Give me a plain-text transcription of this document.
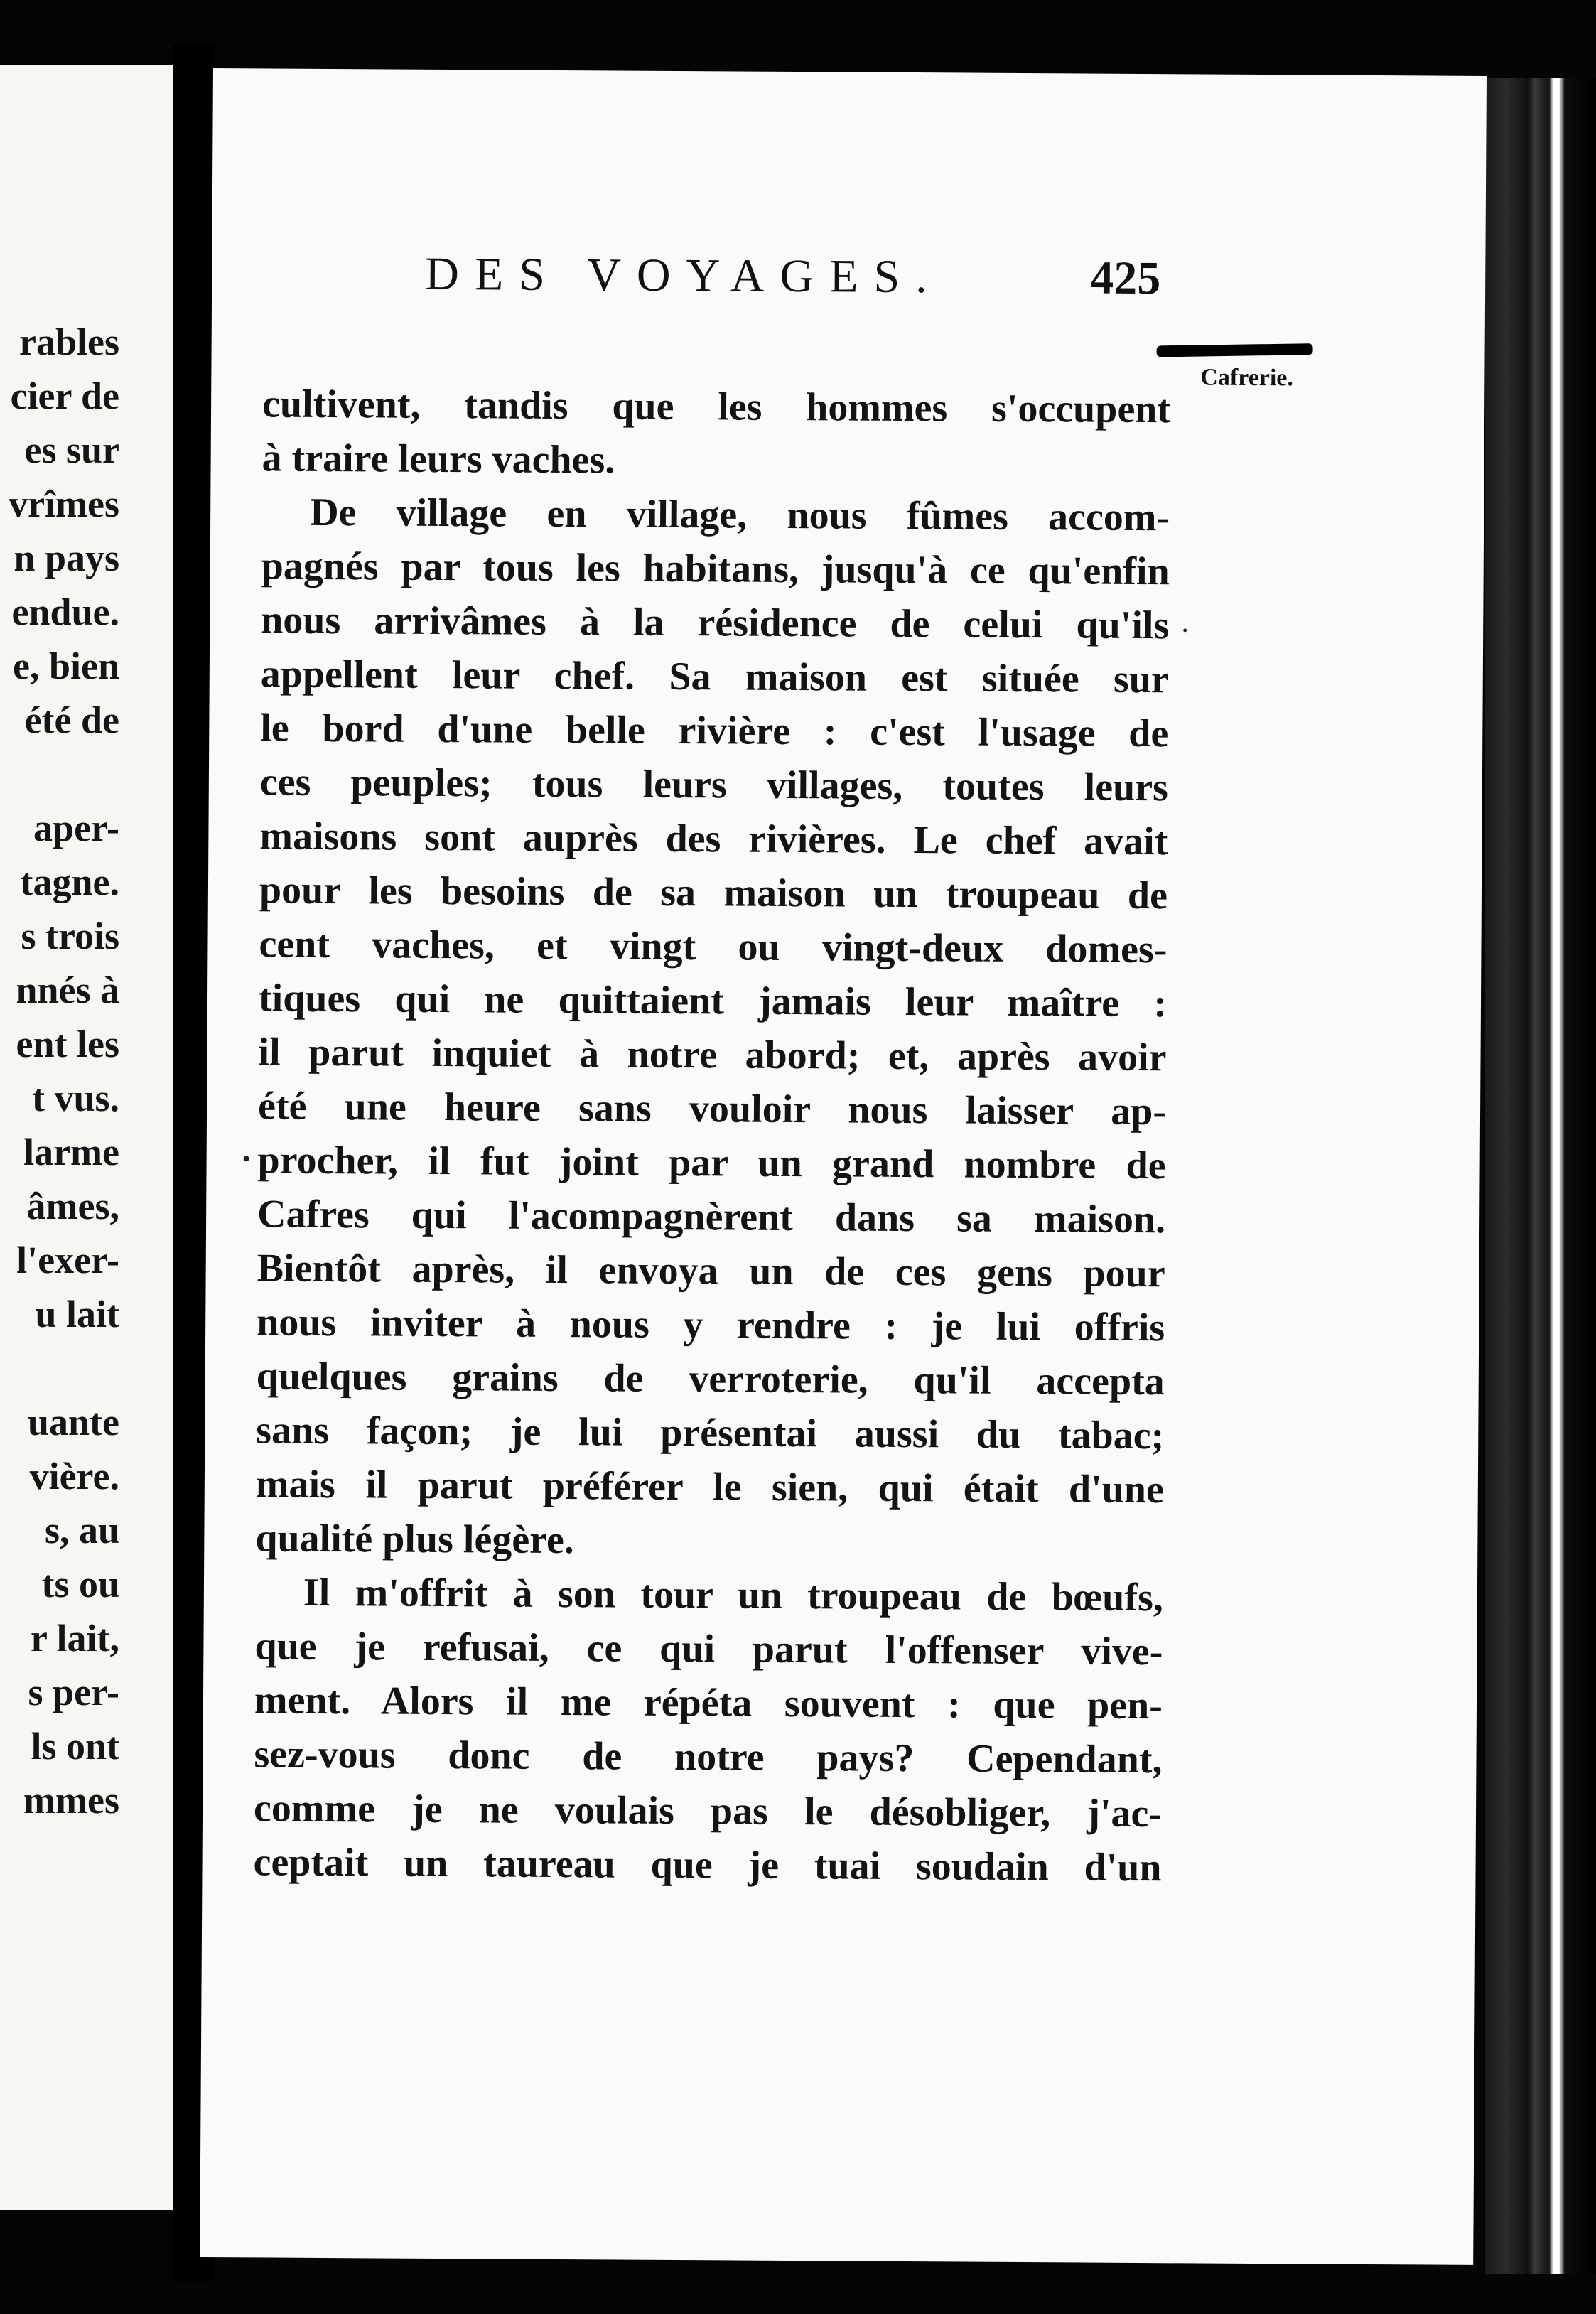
rables
cier de
es sur
vrîmes
n pays
endue.
e, bien
été de
aper-
tagne.
s trois
nnés à
ent les
t vus.
larme
âmes,
l'exer-
u lait
uante
vière.
s, au
ts ou
r lait,
s per-
ls ont
mmes
DES VOYAGES.	425
Cafrerie.
cultivent, tandis que les hommes s'occupent
à traire leurs vaches.
De village en village, nous fûmes accom-
pagnés par tous les habitans, jusqu'à ce qu'enfin
nous arrivâmes à la résidence de celui qu'ils
appellent leur chef. Sa maison est située sur
le bord d'une belle rivière : c'est l'usage de
ces peuples; tous leurs villages, toutes leurs
maisons sont auprès des rivières. Le chef avait
pour les besoins de sa maison un troupeau de
cent vaches, et vingt ou vingt-deux domes-
tiques qui ne quittaient jamais leur maître :
il parut inquiet à notre abord; et, après avoir
été une heure sans vouloir nous laisser ap-
procher, il fut joint par un grand nombre de
Cafres qui l'acompagnèrent dans sa maison.
Bientôt après, il envoya un de ces gens pour
nous inviter à nous y rendre : je lui offris
quelques grains de verroterie, qu'il accepta
sans façon; je lui présentai aussi du tabac;
mais il parut préférer le sien, qui était d'une
qualité plus légère.
Il m'offrit à son tour un troupeau de bœufs,
que je refusai, ce qui parut l'offenser vive-
ment. Alors il me répéta souvent : que pen-
sez-vous donc de notre pays? Cependant,
comme je ne voulais pas le désobliger, j'ac-
ceptait un taureau que je tuai soudain d'un
